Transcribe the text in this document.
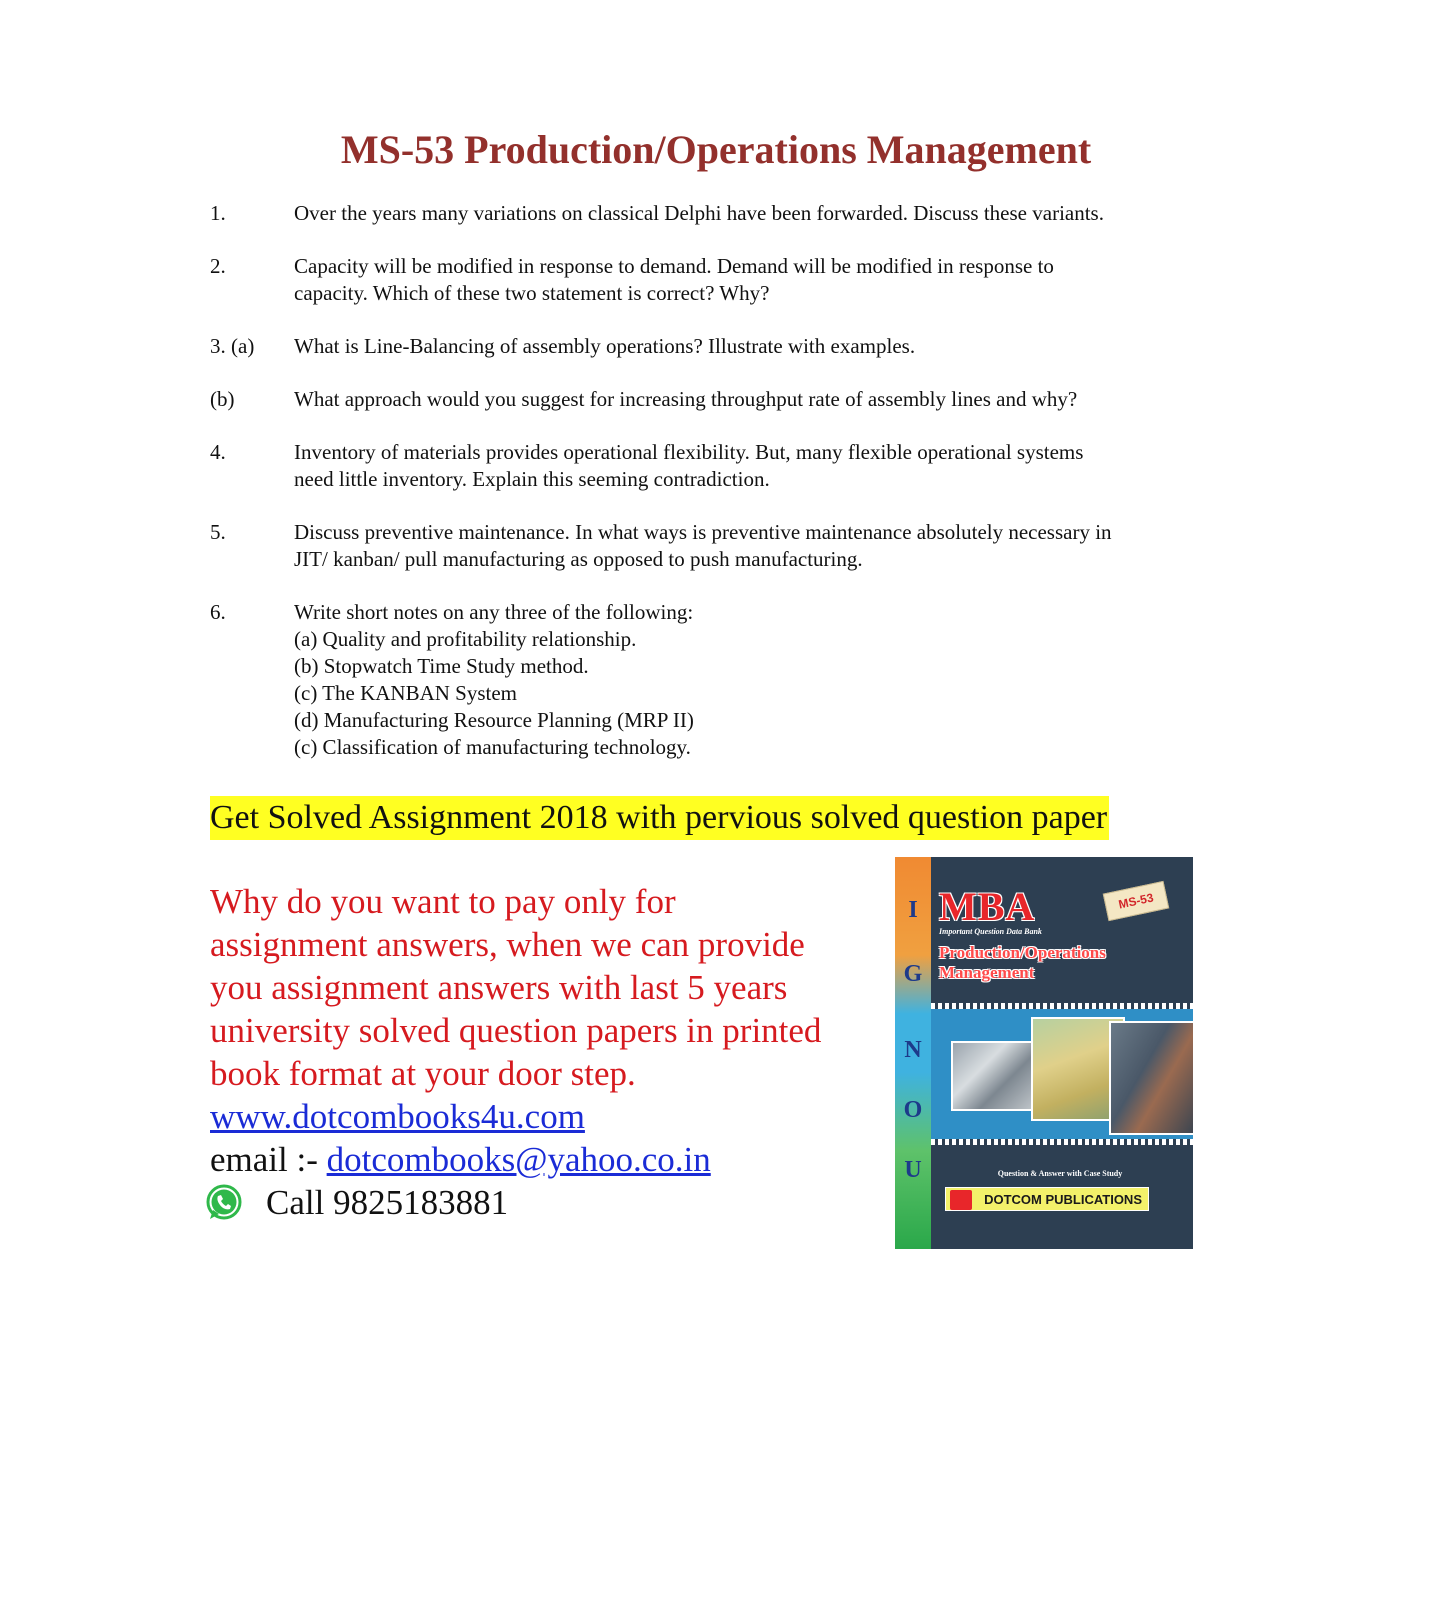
MS-53 Production/Operations Management
1.	Over the years many variations on classical Delphi have been forwarded. Discuss these variants.
2.	Capacity will be modified in response to demand. Demand will be modified in response to
capacity. Which of these two statement is correct? Why?
3. (a)	What is Line-Balancing of assembly operations? Illustrate with examples.
(b)	What approach would you suggest for increasing throughput rate of assembly lines and why?
4.	Inventory of materials provides operational flexibility. But, many flexible operational systems
need little inventory. Explain this seeming contradiction.
5.	Discuss preventive maintenance. In what ways is preventive maintenance absolutely necessary in
JIT/ kanban/ pull manufacturing as opposed to push manufacturing.
6.	Write short notes on any three of the following:
(a) Quality and profitability relationship.
(b) Stopwatch Time Study method.
(c) The KANBAN System
(d) Manufacturing Resource Planning (MRP II)
(c) Classification of manufacturing technology.
Get Solved Assignment 2018 with pervious solved question paper
Why do you want to pay only for
assignment answers, when we can provide
you assignment answers with last 5 years
university solved question papers in printed
book format at your door step.
www.dotcombooks4u.com
email :- dotcombooks@yahoo.co.in
Call 9825183881
I
G
N
O
U
MBA
Important Question Data Bank
MS-53
Production/Operations
Management
Question & Answer with Case Study
DOTCOM PUBLICATIONS
